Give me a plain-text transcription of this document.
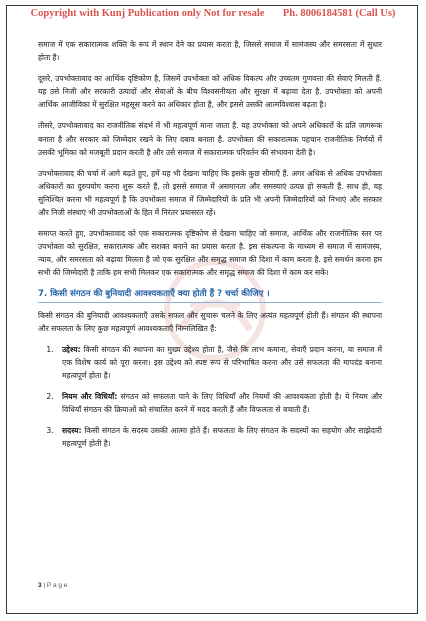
Copyright with Kunj Publication only Not for resale Ph. 8006184581 (Call Us)

समाज में एक सकारात्मक शक्ति के रूप में स्थान देने का प्रयास करता है, जिससे समाज में सामंजस्य और समरसता में सुधार होता है।

दूसरे, उपभोक्तावाद का आर्थिक दृष्टिकोण है, जिसमें उपभोक्ता को अधिक विकल्प और उच्चतम गुणवत्ता की सेवाएं मिलती हैं. यह उसे निजी और सरकारी उत्पादों और सेवाओं के बीच विश्वसनीयता और सुरक्षा में बढ़ावा देता है. उपभोक्ता को अपनी आर्थिक आजीविका में सुरक्षित महसूस करने का अधिकार होता है, और इससे उसकी आत्मविश्वास बढ़ता है।

तीसरे, उपभोक्तावाद का राजनीतिक संदर्भ में भी महत्वपूर्ण माना जाता है. यह उपभोक्ता को अपने अधिकारों के प्रति जागरूक बनाता है और सरकार को जिम्मेदार रखने के लिए दबाव बनाता है. उपभोक्ता की सकारात्मक पहचान राजनीतिक निर्णयों में उसकी भूमिका को मजबूती प्रदान करती है और उसे समाज में सकारात्मक परिवर्तन की संभावना देती है।

उपभोक्तावाद की चर्चा में आगे बढ़ते हुए, हमें यह भी देखना चाहिए कि इसके कुछ सीमाएँ हैं. अगर अधिक से अधिक उपभोक्ता अधिकारों का दुरुपयोग करना शुरू करते हैं, तो इससे समाज में असमानता और समस्याएं उत्पन्न हो सकती हैं. साथ ही, यह सुनिश्चित करना भी महत्वपूर्ण है कि उपभोक्ता समाज में जिम्मेदारियों के प्रति भी अपनी जिम्मेदारियों को निभाएं और सरकार और निजी संस्थाएं भी उपभोक्ताओं के हित में निरंतर प्रयासरत रहें।

समाप्त करते हुए, उपभोक्तावाद को एक सकारात्मक दृष्टिकोण से देखना चाहिए जो समाज, आर्थिक और राजनीतिक स्तर पर उपभोक्ता को सुरक्षित, सकारात्मक और सशक्त बनाने का प्रयास करता है. इस संकल्पना के माध्यम से समाज में सामंजस्य, न्याय, और समरसता को बढ़ावा मिलता है जो एक सुरक्षित और समृद्ध समाज की दिशा में काम करता है. इसे समर्थन करना हम सभी की जिम्मेदारी है ताकि हम सभी मिलकर एक सकारात्मक और समृद्ध समाज की दिशा में काम कर सकें।

7. किसी संगठन की बुनियादी आवश्यकताएँ क्या होती हैं ? चर्चा कीजिए ।

किसी संगठन की बुनियादी आवश्यकताएँ उसके सफल और सुचारू चलने के लिए अत्यंत महत्वपूर्ण होती हैं। संगठन की स्थापना और सफलता के लिए कुछ महत्वपूर्ण आवश्यकताएँ निम्नलिखित हैं:

1. उद्देश्य: किसी संगठन की स्थापना का मुख्य उद्देश्य होता है, जैसे कि लाभ कमाना, सेवाएँ प्रदान करना, या समाज में एक विशेष कार्य को पूरा करना। इस उद्देश्य को स्पष्ट रूप से परिभाषित करना और उसे सफलता की मापदंड बनाना महत्वपूर्ण होता है।
2. नियम और विधियाँ: संगठन को सफलता पाने के लिए विधियाँ और नियमों की आवश्यकता होती है। ये नियम और विधियाँ संगठन की क्रियाओं को संचालित करने में मदद करती हैं और विफलता से बचाती हैं।
3. सदस्य: किसी संगठन के सदस्य उसकी आत्मा होते हैं। सफलता के लिए संगठन के सदस्यों का सहयोग और साझेदारी महत्वपूर्ण होती है।
3 | P a g e
